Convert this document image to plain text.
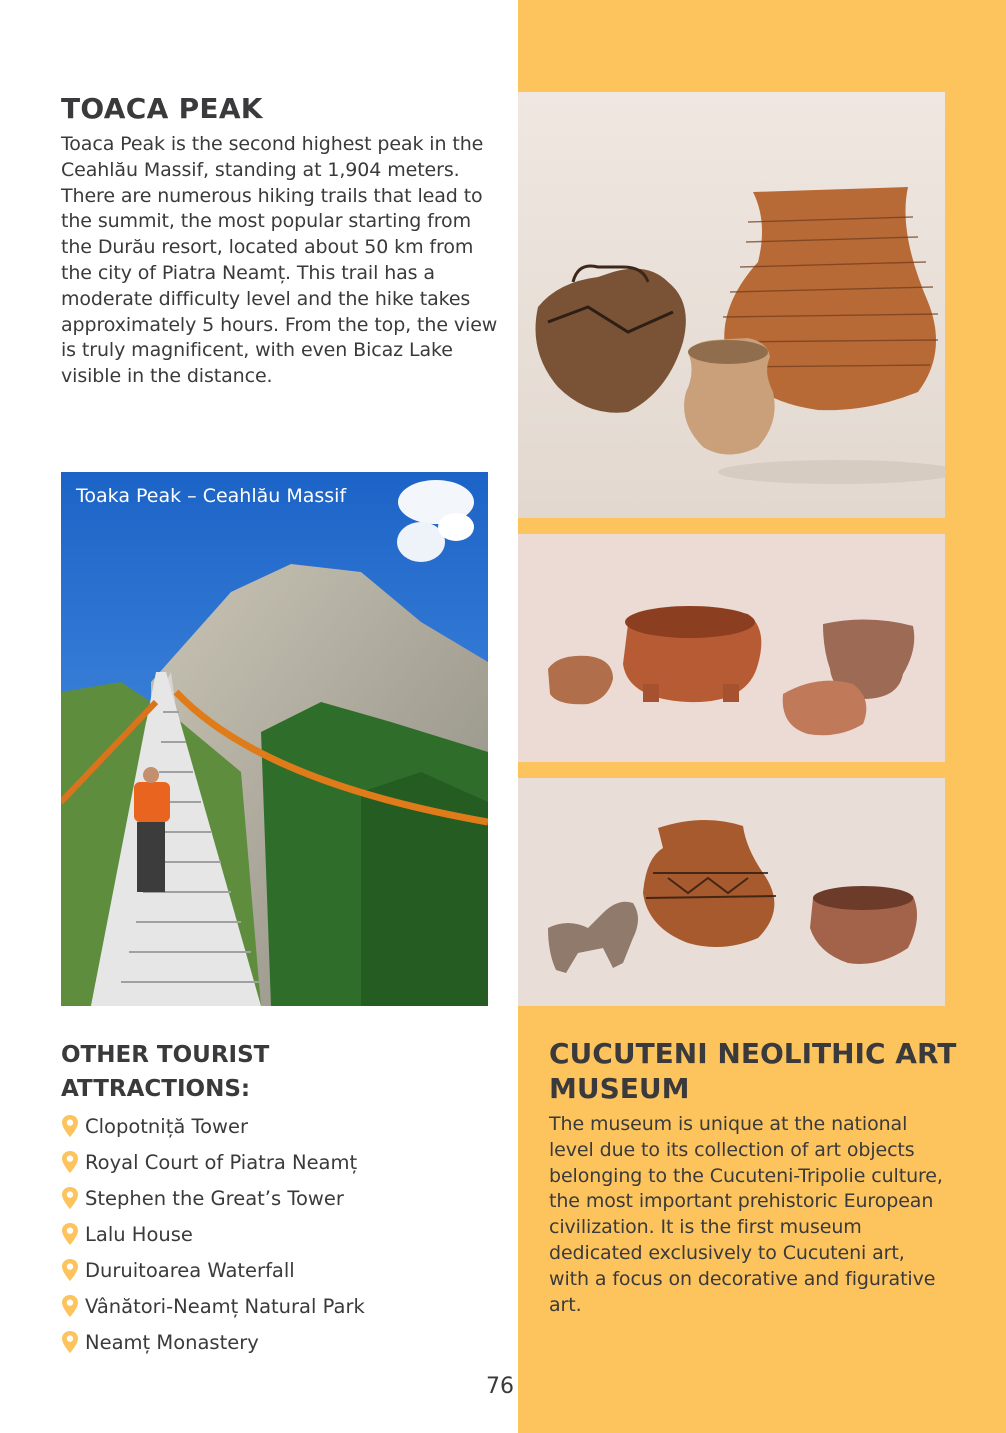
TOACA PEAK

Toaca Peak is the second highest peak in the Ceahlău Massif, standing at 1,904 meters. There are numerous hiking trails that lead to the summit, the most popular starting from the Durău resort, located about 50 km from the city of Piatra Neamț. This trail has a moderate difficulty level and the hike takes approximately 5 hours. From the top, the view is truly magnificent, with even Bicaz Lake visible in the distance.

Toaka Peak – Ceahlău Massif
OTHER TOURIST ATTRACTIONS:
Clopotniță Tower
Royal Court of Piatra Neamț
Stephen the Great’s Tower
Lalu House
Duruitoarea Waterfall
Vânători-Neamț Natural Park
Neamț Monastery
76
CUCUTENI NEOLITHIC ART MUSEUM

The museum is unique at the national level due to its collection of art objects belonging to the Cucuteni-Tripolie culture, the most important prehistoric European civilization. It is the first museum dedicated exclusively to Cucuteni art, with a focus on decorative and figurative art.
